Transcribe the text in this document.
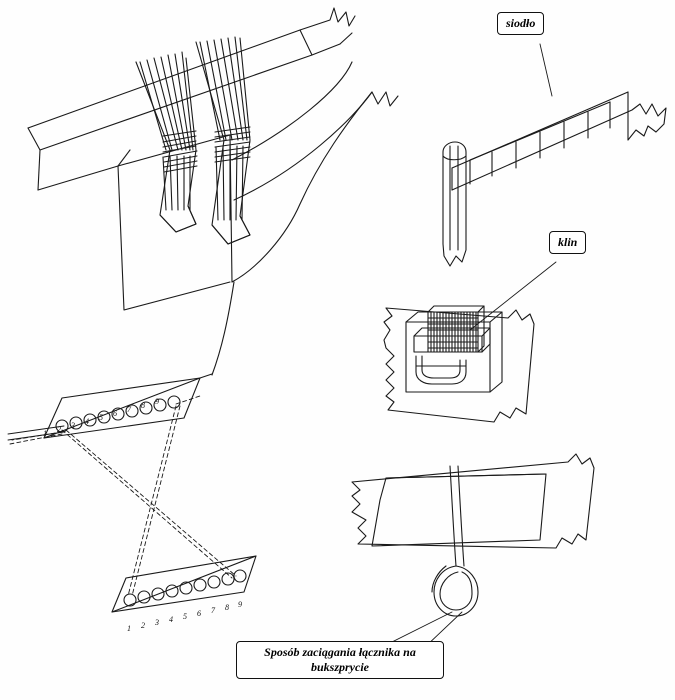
1 2 3 4 5 6 7 8 9
1 2 3 4 5 6 7 8 9
siodło
klin
Sposób zaciągania łącznika na bukszprycie
